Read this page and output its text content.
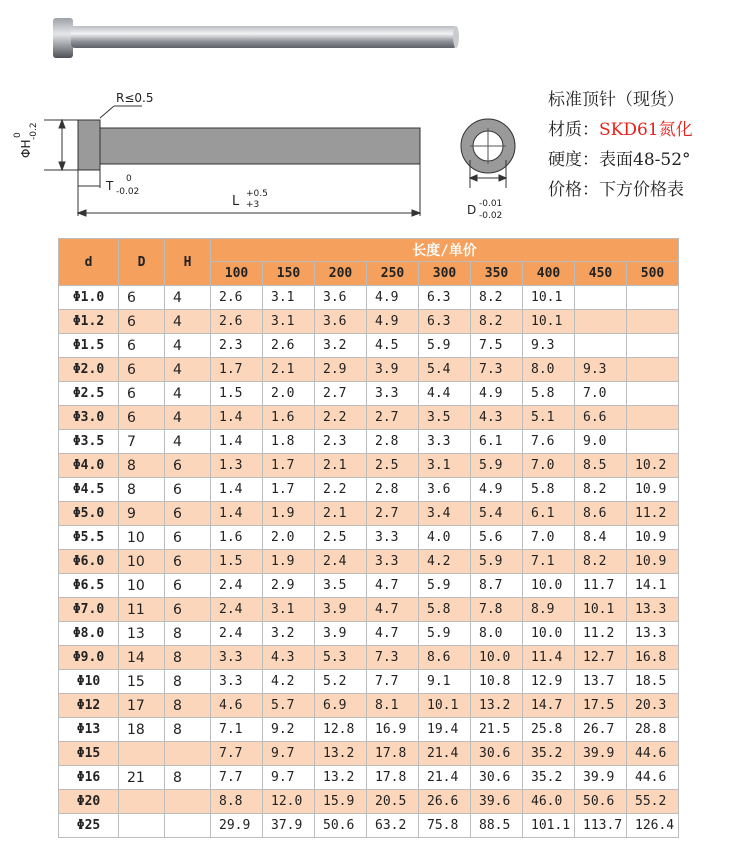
R≤0.5
ΦH
0 -0.2
T 0
-0.02
L +0.5
+3	D -0.01
-0.02
标准顶针（现货）
材质：SKD61氮化
硬度：表面48-52°
价格：下方价格表
d	D	H	长度/单价								
			100	150	200	250	300	350	400	450	500
Φ1.0	6	4	2.6	3.1	3.6	4.9	6.3	8.2	10.1		
Φ1.2	6	4	2.6	3.1	3.6	4.9	6.3	8.2	10.1		
Φ1.5	6	4	2.3	2.6	3.2	4.5	5.9	7.5	9.3		
Φ2.0	6	4	1.7	2.1	2.9	3.9	5.4	7.3	8.0	9.3	
Φ2.5	6	4	1.5	2.0	2.7	3.3	4.4	4.9	5.8	7.0	
Φ3.0	6	4	1.4	1.6	2.2	2.7	3.5	4.3	5.1	6.6	
Φ3.5	7	4	1.4	1.8	2.3	2.8	3.3	6.1	7.6	9.0	
Φ4.0	8	6	1.3	1.7	2.1	2.5	3.1	5.9	7.0	8.5	10.2
Φ4.5	8	6	1.4	1.7	2.2	2.8	3.6	4.9	5.8	8.2	10.9
Φ5.0	9	6	1.4	1.9	2.1	2.7	3.4	5.4	6.1	8.6	11.2
Φ5.5	10	6	1.6	2.0	2.5	3.3	4.0	5.6	7.0	8.4	10.9
Φ6.0	10	6	1.5	1.9	2.4	3.3	4.2	5.9	7.1	8.2	10.9
Φ6.5	10	6	2.4	2.9	3.5	4.7	5.9	8.7	10.0	11.7	14.1
Φ7.0	11	6	2.4	3.1	3.9	4.7	5.8	7.8	8.9	10.1	13.3
Φ8.0	13	8	2.4	3.2	3.9	4.7	5.9	8.0	10.0	11.2	13.3
Φ9.0	14	8	3.3	4.3	5.3	7.3	8.6	10.0	11.4	12.7	16.8
Φ10	15	8	3.3	4.2	5.2	7.7	9.1	10.8	12.9	13.7	18.5
Φ12	17	8	4.6	5.7	6.9	8.1	10.1	13.2	14.7	17.5	20.3
Φ13	18	8	7.1	9.2	12.8	16.9	19.4	21.5	25.8	26.7	28.8
Φ15			7.7	9.7	13.2	17.8	21.4	30.6	35.2	39.9	44.6
Φ16	21	8	7.7	9.7	13.2	17.8	21.4	30.6	35.2	39.9	44.6
Φ20			8.8	12.0	15.9	20.5	26.6	39.6	46.0	50.6	55.2
Φ25			29.9	37.9	50.6	63.2	75.8	88.5	101.1	113.7	126.4
